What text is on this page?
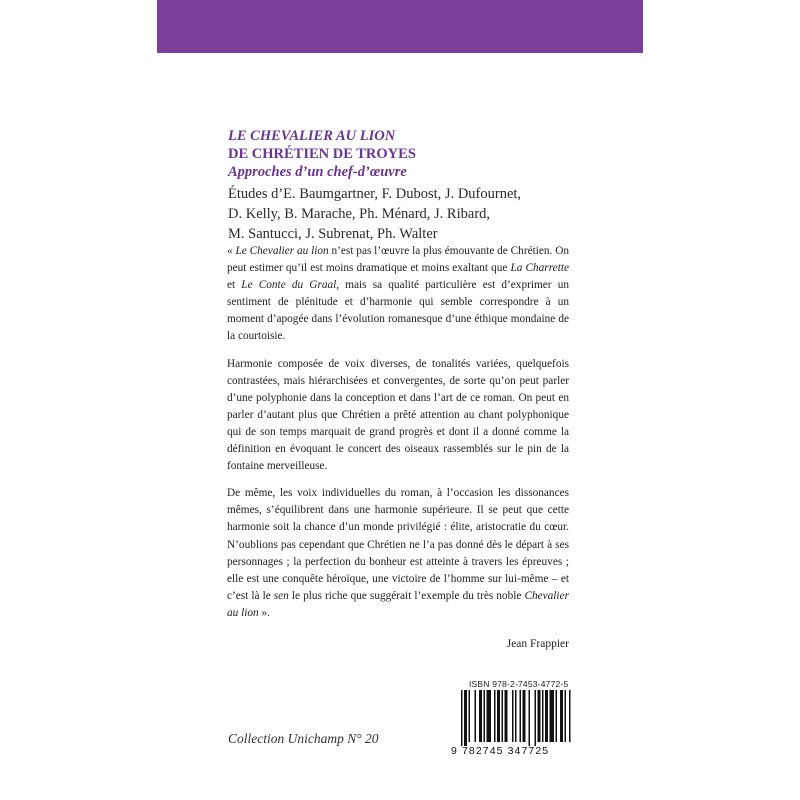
LE CHEVALIER AU LION

DE CHRÉTIEN DE TROYES

Approches d’un chef-d’œuvre

Études d’E. Baumgartner, F. Dubost, J. Dufournet,
D. Kelly, B. Marache, Ph. Ménard, J. Ribard,
M. Santucci, J. Subrenat, Ph. Walter

« Le Chevalier au lion n’est pas l’œuvre la plus émouvante de Chrétien. On peut estimer qu’il est moins dramatique et moins exaltant que La Charrette et Le Conte du Graal, mais sa qualité particulière est d’exprimer un sentiment de plénitude et d’harmonie qui semble correspondre à un moment d’apogée dans l’évolution romanesque d’une éthique mondaine de la courtoisie.

Harmonie composée de voix diverses, de tonalités variées, quelquefois contrastées, mais hiérarchisées et convergentes, de sorte qu’on peut parler d’une polyphonie dans la conception et dans l’art de ce roman. On peut en parler d’autant plus que Chrétien a prêté attention au chant polyphonique qui de son temps marquait de grand progrès et dont il a donné comme la définition en évoquant le concert des oiseaux rassemblés sur le pin de la fontaine merveilleuse.

De même, les voix individuelles du roman, à l’occasion les dissonances mêmes, s’équilibrent dans une harmonie supérieure. Il se peut que cette harmonie soit la chance d’un monde privilégié : élite, aristocratie du cœur. N’oublions pas cependant que Chrétien ne l’a pas donné dès le départ à ses personnages ; la perfection du bonheur est atteinte à travers les épreuves ; elle est une conquête héroïque, une victoire de l’homme sur lui-même – et c’est là le sen le plus riche que suggérait l’exemple du très noble Chevalier au lion ».

Jean Frappier
Collection Unichamp N° 20
ISBN 978-2-7453-4772-5
9 782745 347725
